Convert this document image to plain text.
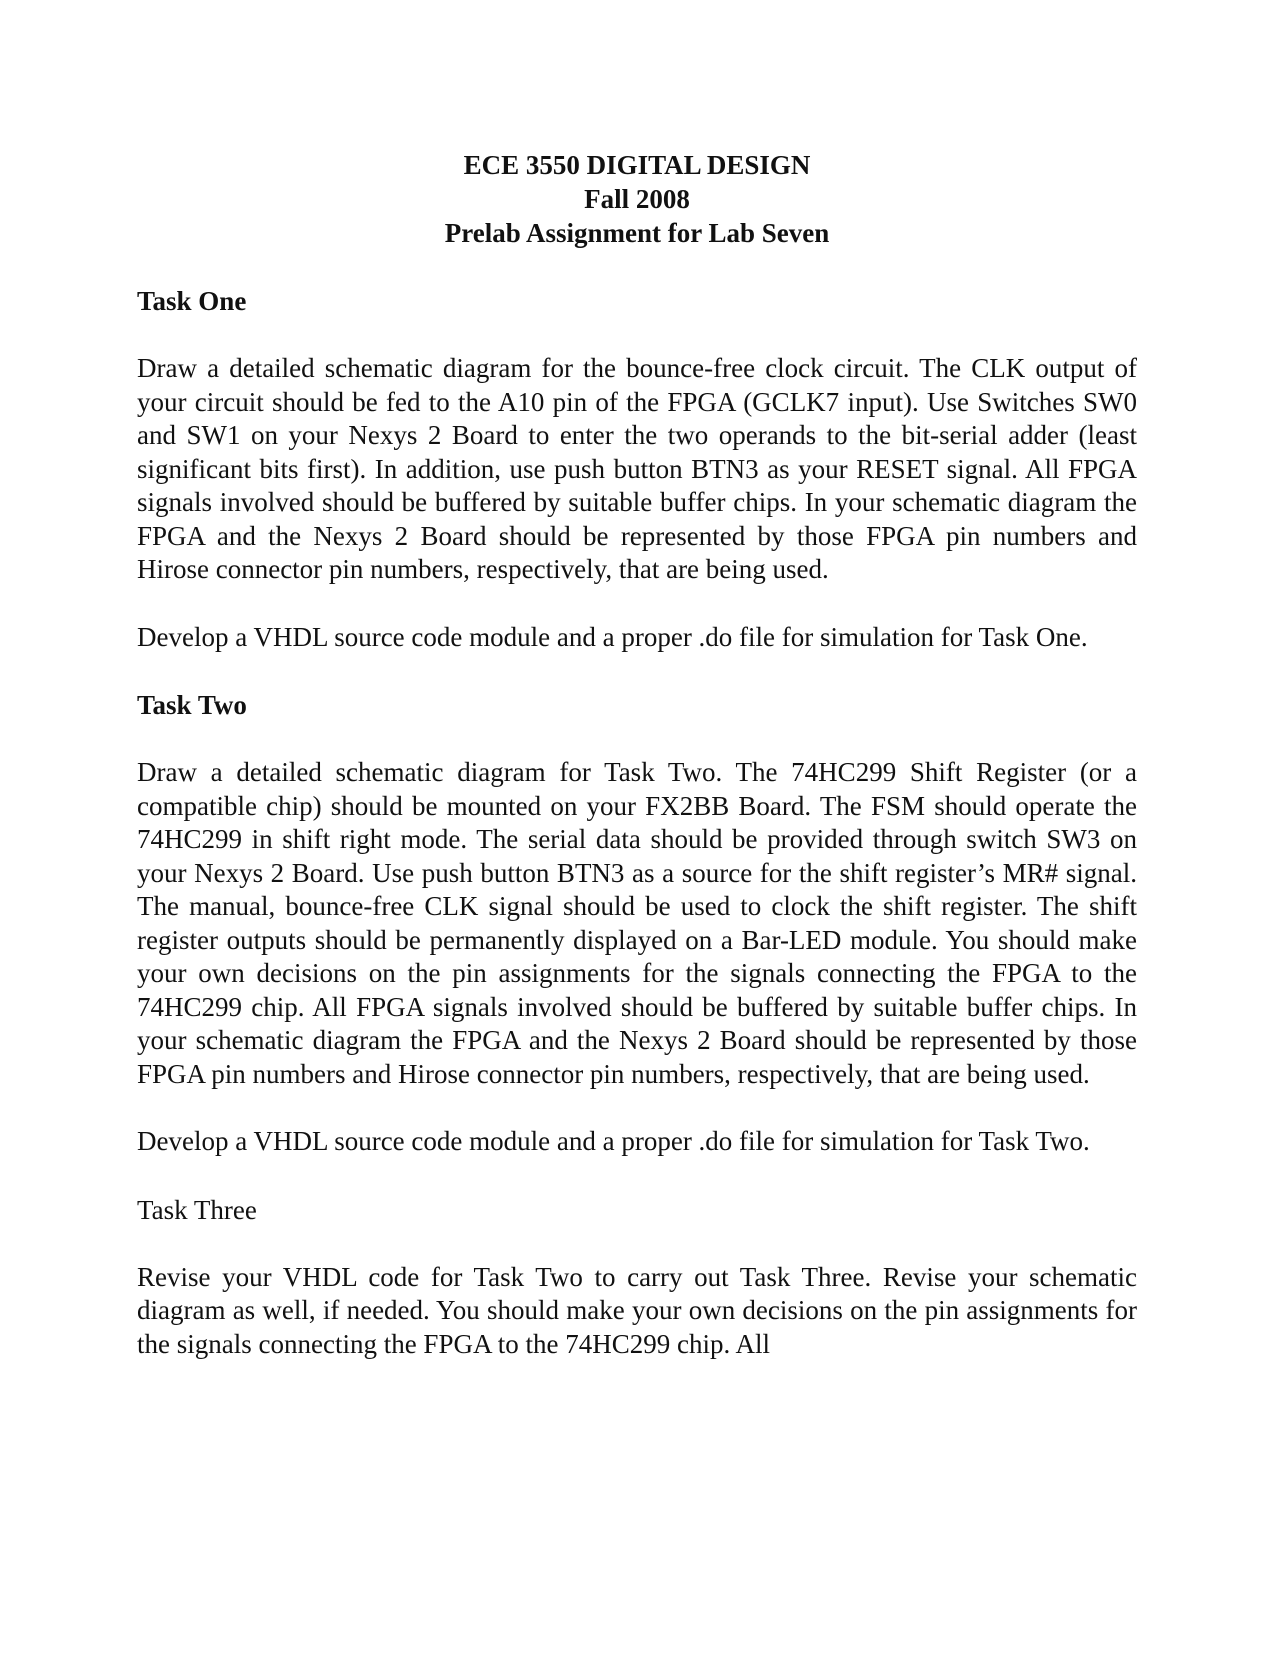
ECE 3550 DIGITAL DESIGN
Fall 2008
Prelab Assignment for Lab Seven
Task One

Draw a detailed schematic diagram for the bounce-free clock circuit. The CLK output of your circuit should be fed to the A10 pin of the FPGA (GCLK7 input). Use Switches SW0 and SW1 on your Nexys 2 Board to enter the two operands to the bit-serial adder (least significant bits first). In addition, use push button BTN3 as your RESET signal. All FPGA signals involved should be buffered by suitable buffer chips. In your schematic diagram the FPGA and the Nexys 2 Board should be represented by those FPGA pin numbers and Hirose connector pin numbers, respectively, that are being used.

Develop a VHDL source code module and a proper .do file for simulation for Task One.

Task Two

Draw a detailed schematic diagram for Task Two. The 74HC299 Shift Register (or a compatible chip) should be mounted on your FX2BB Board. The FSM should operate the 74HC299 in shift right mode. The serial data should be provided through switch SW3 on your Nexys 2 Board. Use push button BTN3 as a source for the shift register’s MR# signal. The manual, bounce-free CLK signal should be used to clock the shift register. The shift register outputs should be permanently displayed on a Bar-LED module. You should make your own decisions on the pin assignments for the signals connecting the FPGA to the 74HC299 chip. All FPGA signals involved should be buffered by suitable buffer chips. In your schematic diagram the FPGA and the Nexys 2 Board should be represented by those FPGA pin numbers and Hirose connector pin numbers, respectively, that are being used.

Develop a VHDL source code module and a proper .do file for simulation for Task Two.

Task Three

Revise your VHDL code for Task Two to carry out Task Three. Revise your schematic diagram as well, if needed. You should make your own decisions on the pin assignments for the signals connecting the FPGA to the 74HC299 chip. All
